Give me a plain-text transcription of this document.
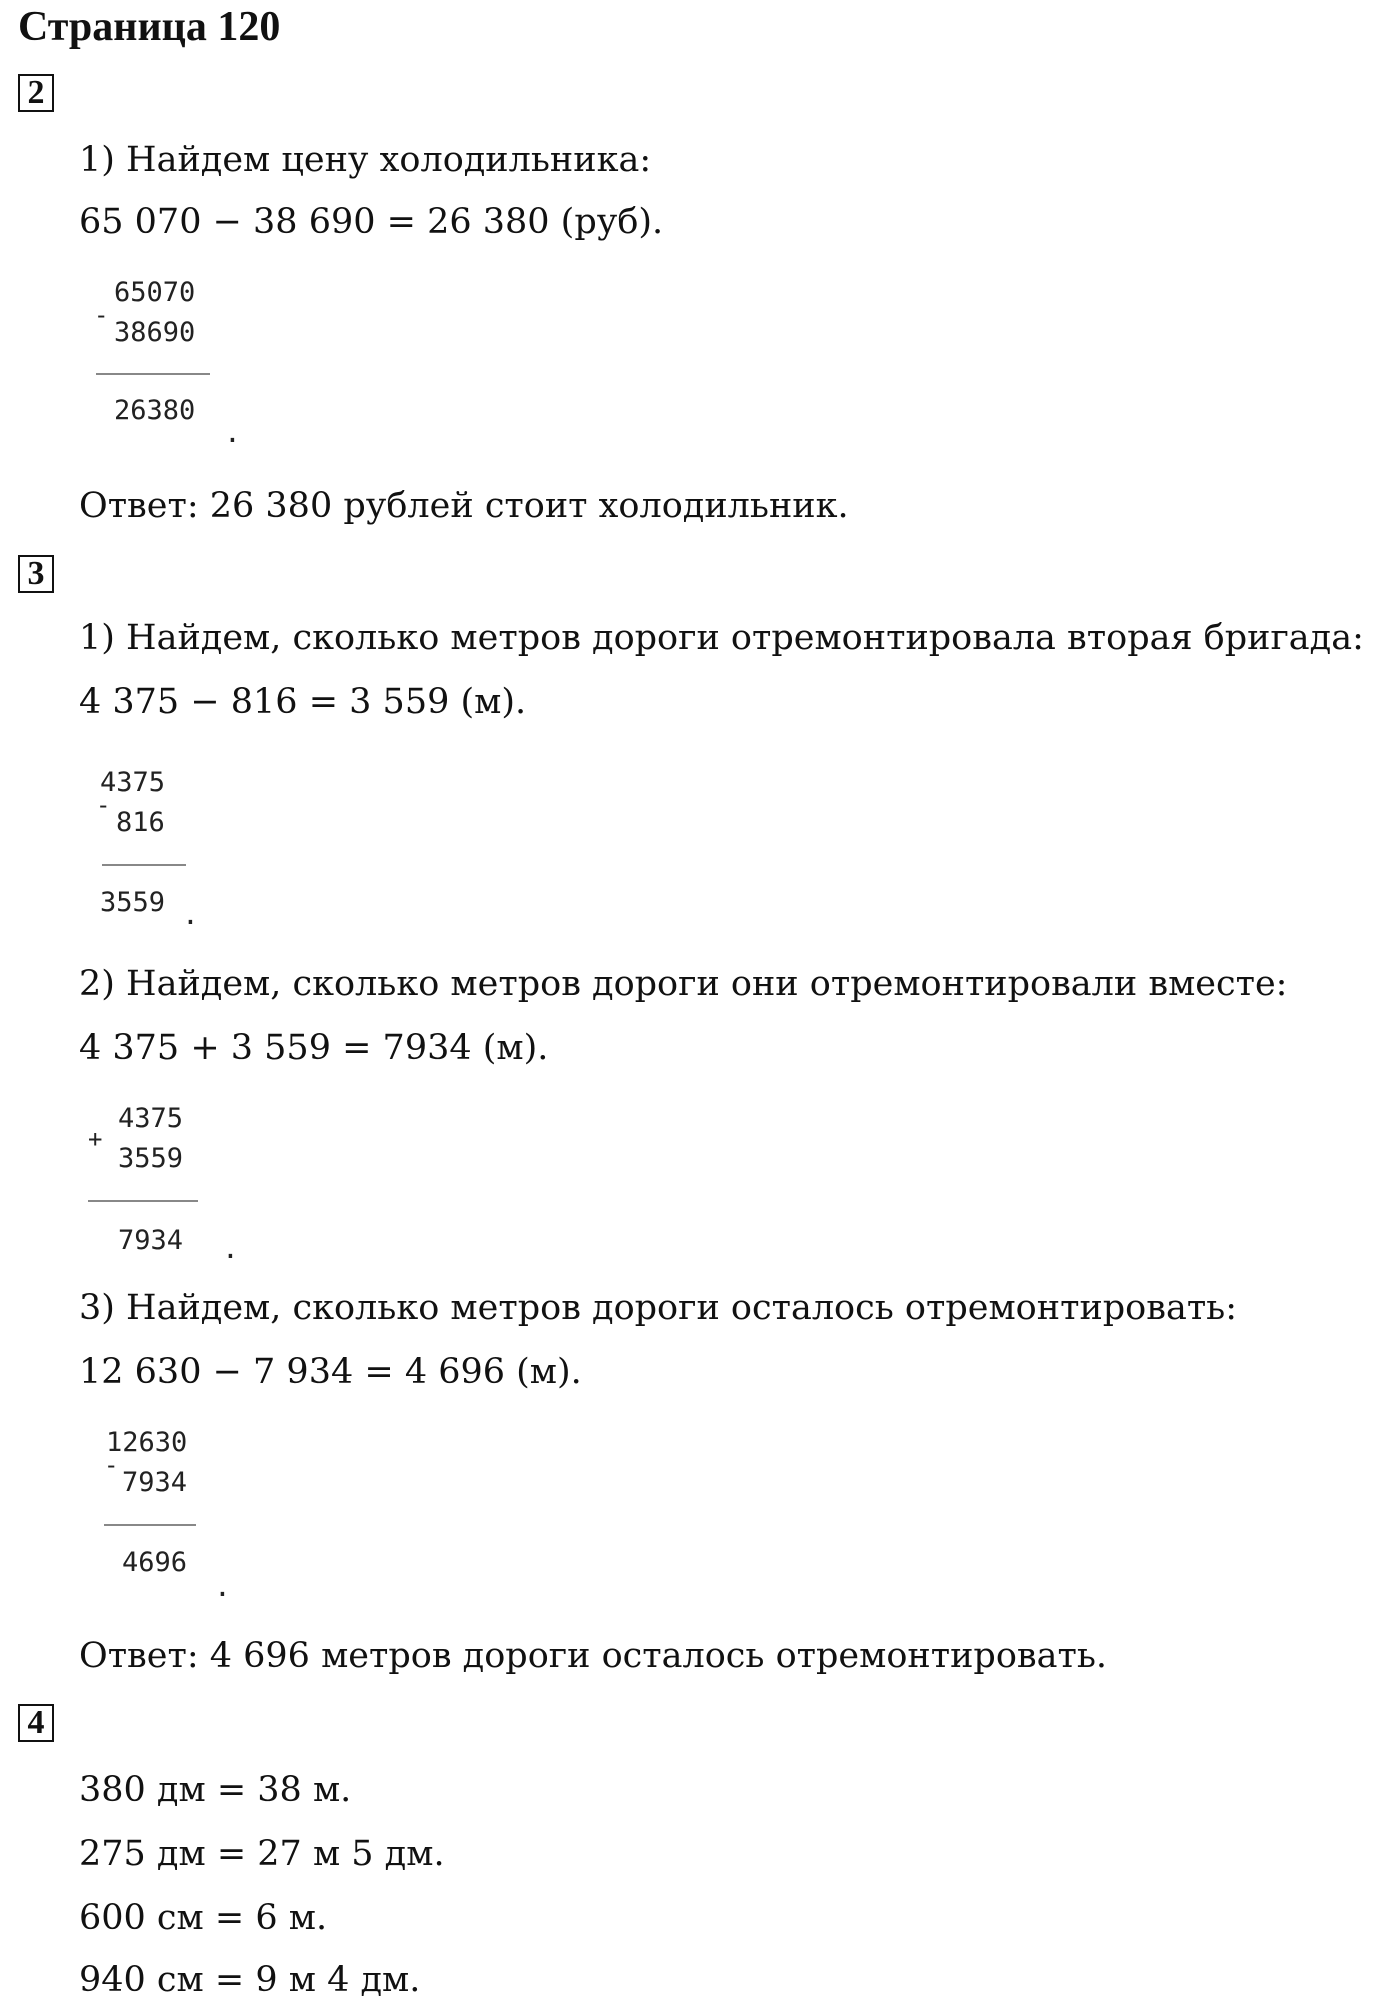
Страница 120
2
1) Найдем цену холодильника:
65 070 − 38 690 = 26 380 (руб).
65070
-
38690
26380
.
Ответ: 26 380 рублей стоит холодильник.
3
1) Найдем, сколько метров дороги отремонтировала вторая бригада:
4 375 − 816 = 3 559 (м).
4375
-
816
3559 .
2) Найдем, сколько метров дороги они отремонтировали вместе:
4 375 + 3 559 = 7934 (м).
4375
+
3559
7934 .
3) Найдем, сколько метров дороги осталось отремонтировать:
12 630 − 7 934 = 4 696 (м).
12630
-
7934
4696
.
Ответ: 4 696 метров дороги осталось отремонтировать.
4
380 дм = 38 м.
275 дм = 27 м 5 дм.
600 см = 6 м.
940 см = 9 м 4 дм.
